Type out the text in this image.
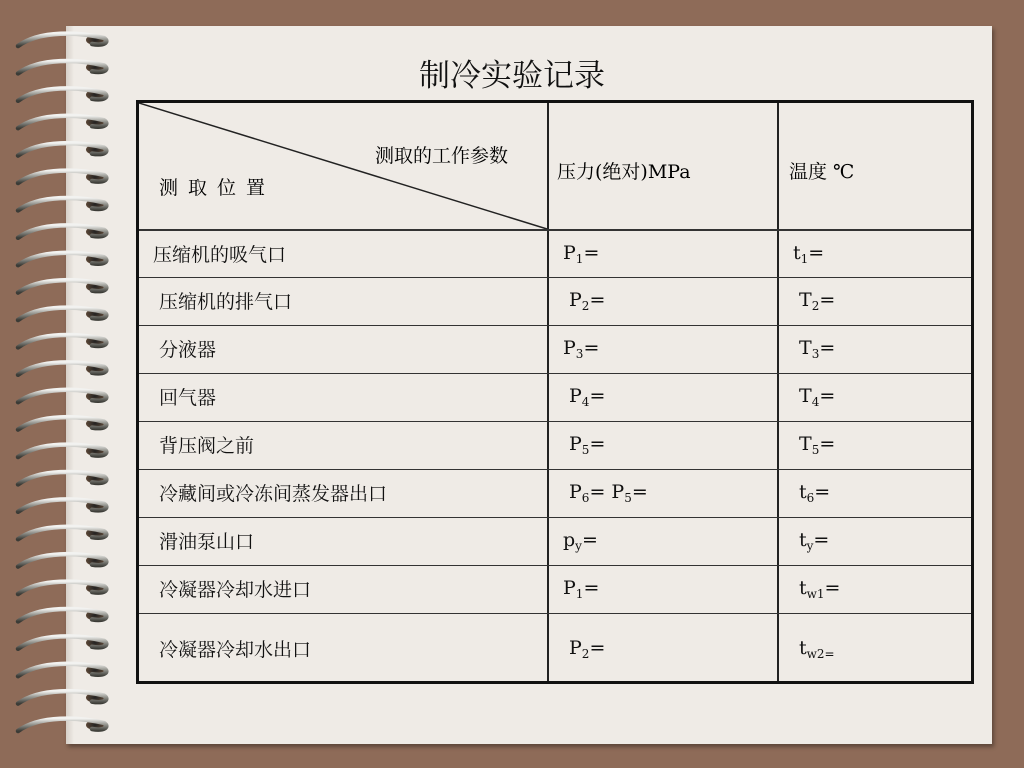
制冷实验记录
测取的工作参数
测取位置
压力(绝对)MPa	温度 ℃
压缩机的吸气口	$P_1=$	$t_1=$
压缩机的排气口	$P_2=$	$T_2=$
分液器	$P_3=$	$T_3=$
回气器	$P_4=$	$T_4=$
背压阀之前	$P_5=$	$T_5=$
冷藏间或冷冻间蒸发器出口	$P_6= P_5=$	$t_6=$
滑油泵山口	$p_y=$	$t_y=$
冷凝器冷却水进口	$P_1=$	$t_{w1}=$
冷凝器冷却水出口	$P_2=$	$t_{w2=}$
